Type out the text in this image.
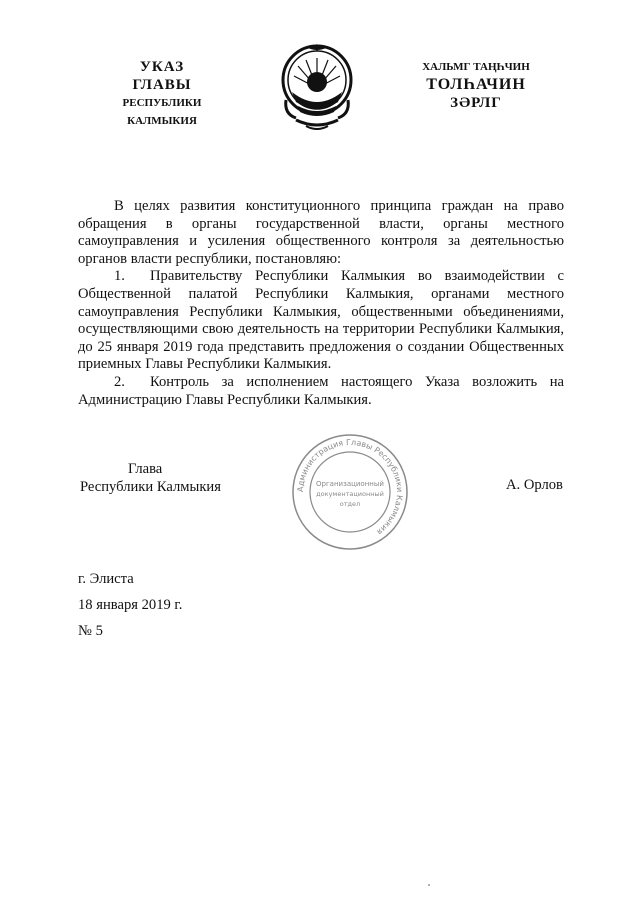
УКАЗ
ГЛАВЫ
РЕСПУБЛИКИ КАЛМЫКИЯ
ХАЛЬМГ ТАҢҺЧИН
ТОЛҺАЧИН
ЗӘРЛГ

В целях развития конституционного принципа граждан на право обращения в органы государственной власти, органы местного самоуправления и усиления общественного контроля за деятельностью органов власти республики, постановляю:

1. Правительству Республики Калмыкия во взаимодействии с Общественной палатой Республики Калмыкия, органами местного самоуправления Республики Калмыкия, общественными объединениями, осуществляющими свою деятельность на территории Республики Калмыкия, до 25 января 2019 года представить предложения о создании Общественных приемных Главы Республики Калмыкия.

2. Контроль за исполнением настоящего Указа возложить на Администрацию Главы Республики Калмыкия.

Глава
Республики Калмыкия	Администрация Главы Республики Калмыкия
Организационный
документационный
отдел
А. Орлов
г. Элиста
18 января 2019 г.
№ 5
